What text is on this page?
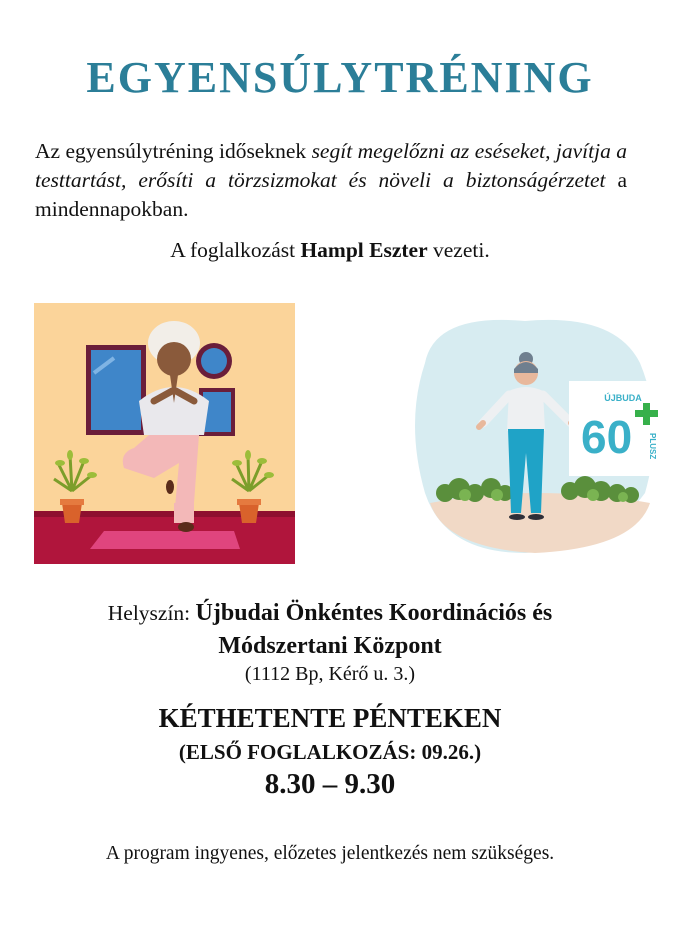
EGYENSÚLYTRÉNING
Az egyensúlytréning időseknek segít megelőzni az eséseket, javítja a testtartást, erősíti a törzsizmokat és növeli a biztonságérzetet a mindennapokban.
A foglalkozást Hampl Eszter vezeti.
ÚJBUDA
60 PLUSZ
Helyszín: Újbudai Önkéntes Koordinációs és
Módszertani Központ
(1112 Bp, Kérő u. 3.)
KÉTHETENTE PÉNTEKEN
(ELSŐ FOGLALKOZÁS: 09.26.)
8.30 – 9.30
A program ingyenes, előzetes jelentkezés nem szükséges.
